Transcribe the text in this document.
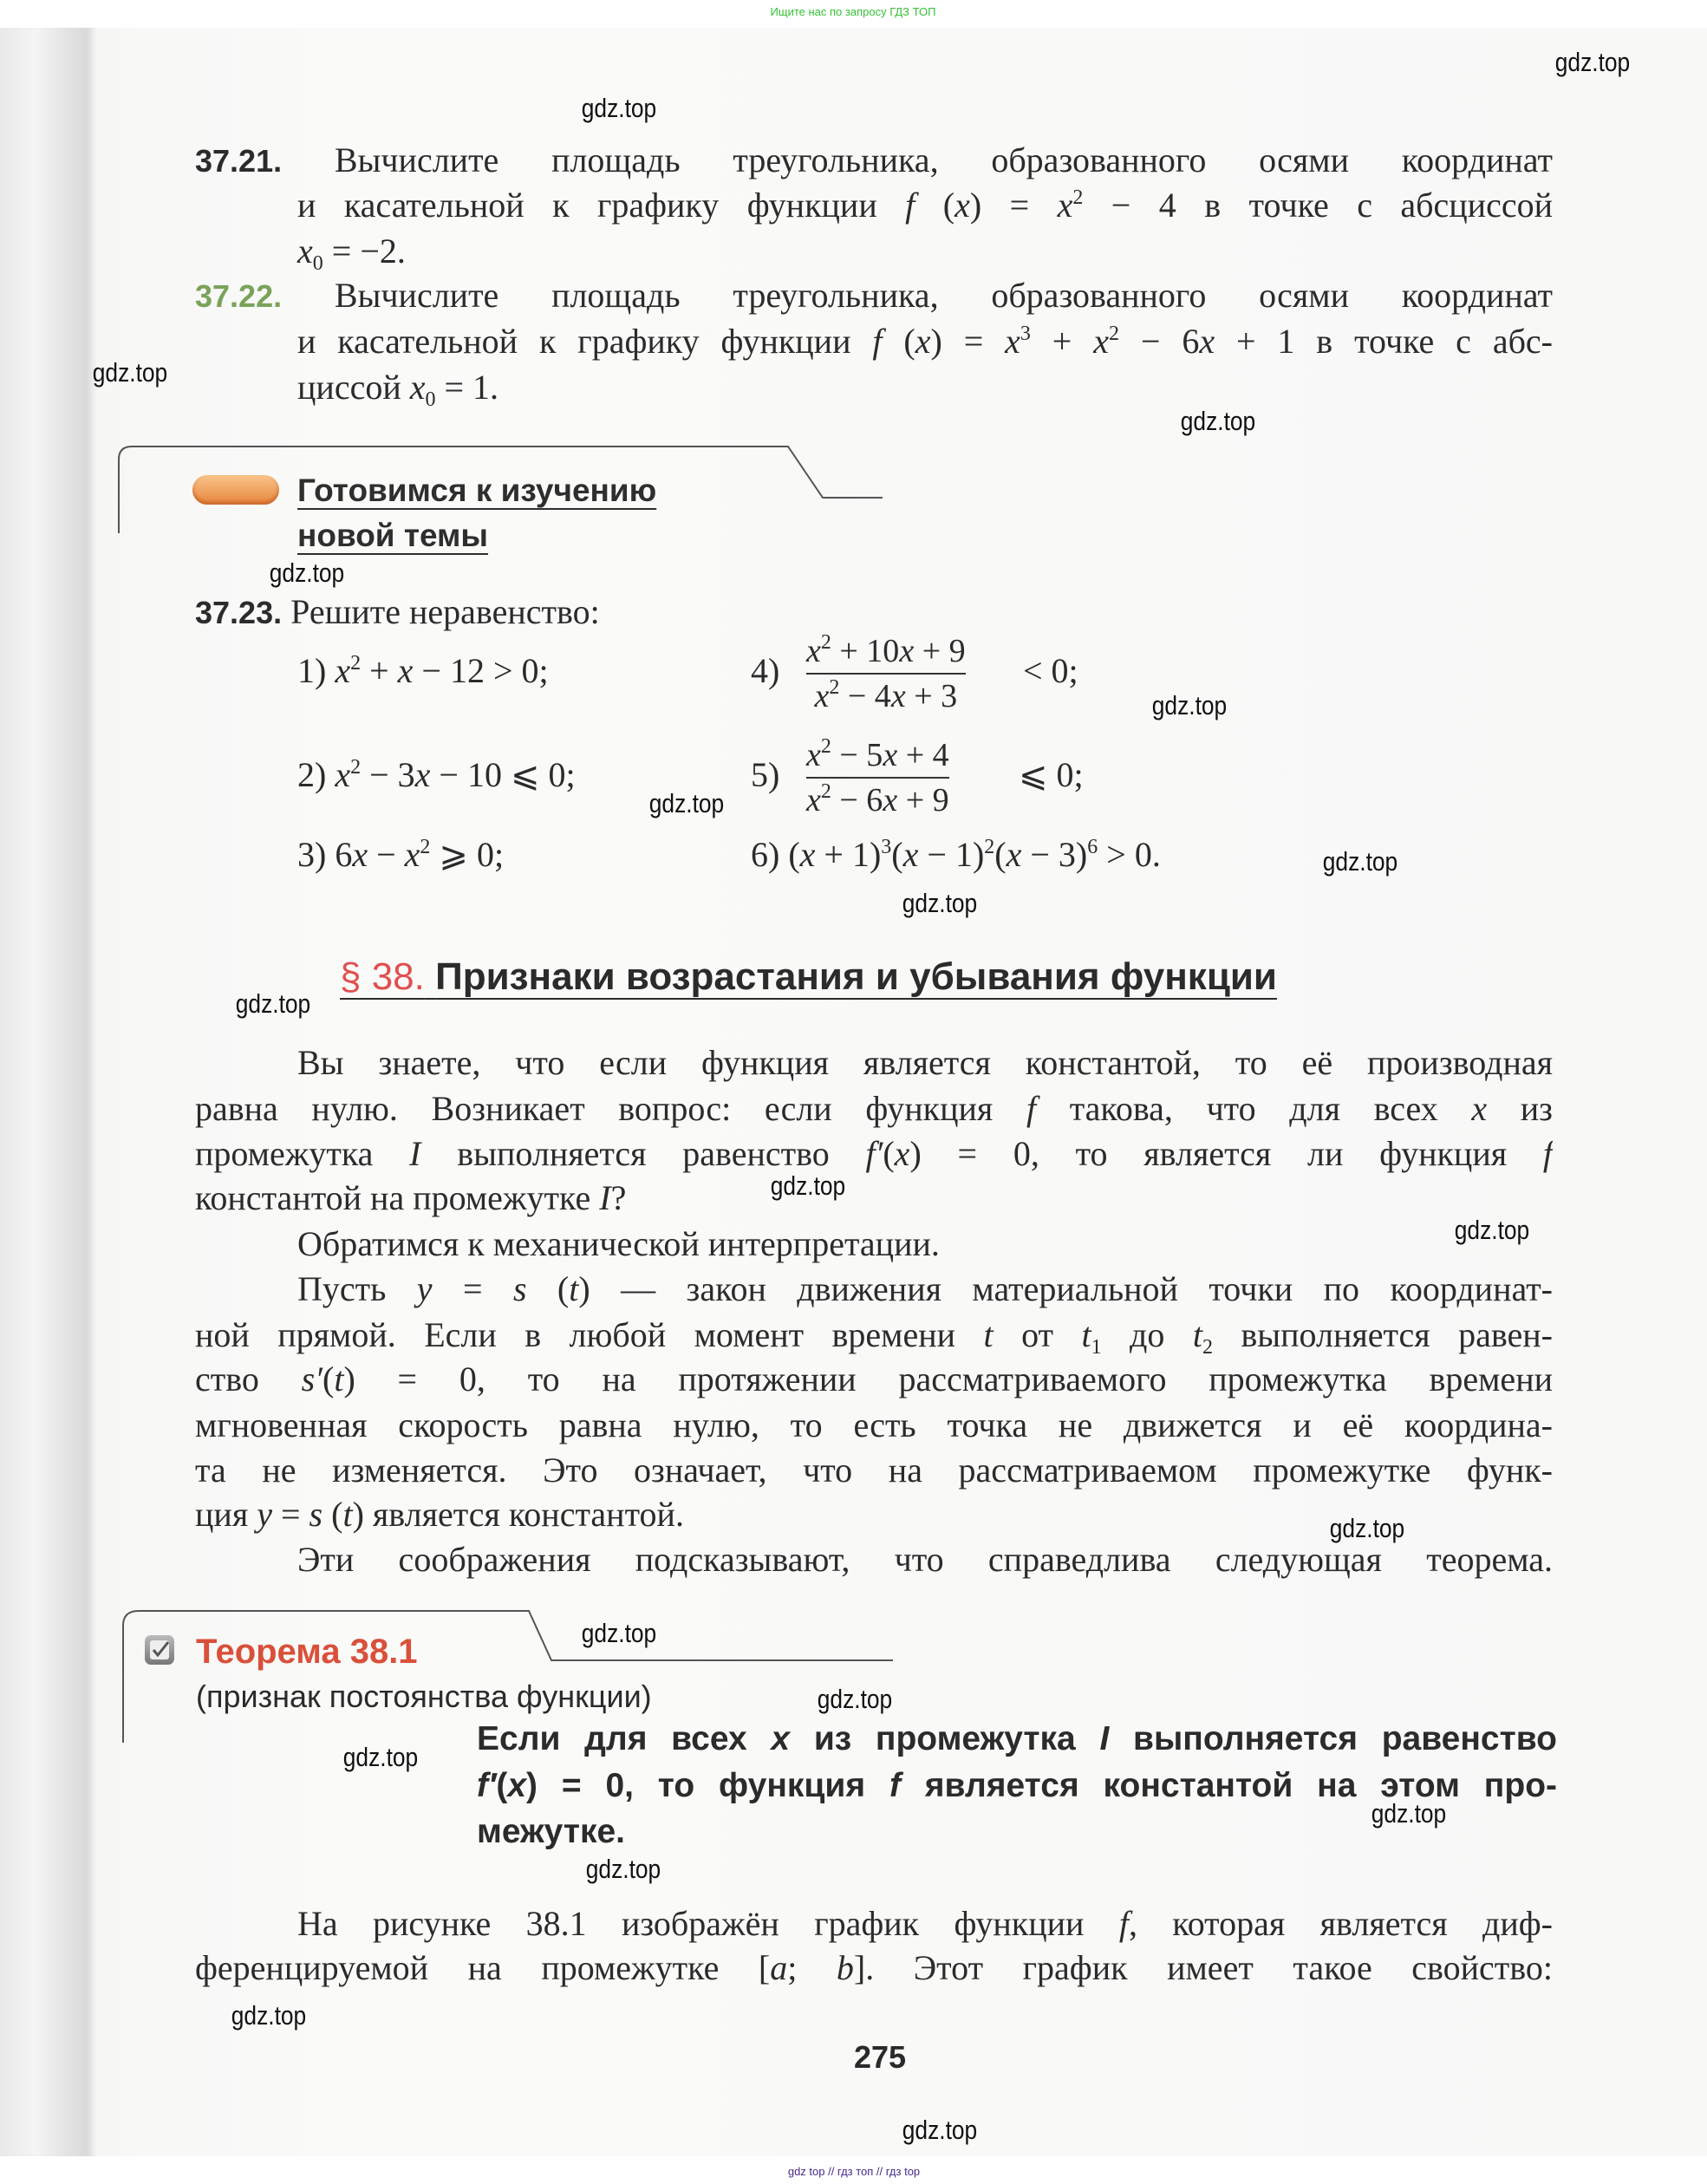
Ищите нас по запросу ГДЗ ТОП
37.21. Вычислите площадь треугольника, образованного осями координат
и касательной к графику функции f $(x) = x^2 - 4$ в точке с абсциссой
$x_0 = -2$.
37.22. Вычислите площадь треугольника, образованного осями координат
и касательной к графику функции f $(x) = x^3 + x^2 - 6x + 1$ в точке с абс-
циссой $x_0 = 1$.
Готовимся к изучению
новой темы
37.23. Решите неравенство:
1) $x^2 + x - 12 > 0$;
2) $x^2 - 3x - 10$ ⩽ 0;
3) $6x - x^2$ ⩾ 0;
4) $x^2 + 10x + 9$
$x^2 - 4x + 3$
< 0;
5) $x^2 - 5x + 4$
$x^2 - 6x + 9$
⩽ 0;
6) $(x + 1)^3(x - 1)^2(x - 3)^6 > 0$.
§ 38. Признаки возрастания и убывания функции
Вы знаете, что если функция является константой, то её производная
равна нулю. Возникает вопрос: если функция f такова, что для всех x из
промежутка I выполняется равенство f′(x) = 0, то является ли функция f
константой на промежутке I?
Обратимся к механической интерпретации.
Пусть y = s (t) — закон движения материальной точки по координат-
ной прямой. Если в любой момент времени t от $t_1$ до $t_2$ выполняется равен-
ство s′(t) = 0, то на протяжении рассматриваемого промежутка времени
мгновенная скорость равна нулю, то есть точка не движется и её координа-
та не изменяется. Это означает, что на рассматриваемом промежутке функ-
ция y = s (t) является константой.
Эти соображения подсказывают, что справедлива следующая теорема.
Теорема 38.1
(признак постоянства функции)
Если для всех x из промежутка I выполняется равенство
f′(x) = 0, то функция f является константой на этом про-
межутке.
На рисунке 38.1 изображён график функции f, которая является диф-
ференцируемой на промежутке [a; b]. Этот график имеет такое свойство:
275
gdz top // гдз топ // гдз top
gdz.top
gdz.top
gdz.top
gdz.top
gdz.top
gdz.top
gdz.top
gdz.top
gdz.top
gdz.top
gdz.top
gdz.top
gdz.top
gdz.top
gdz.top
gdz.top
gdz.top
gdz.top
gdz.top
gdz.top
